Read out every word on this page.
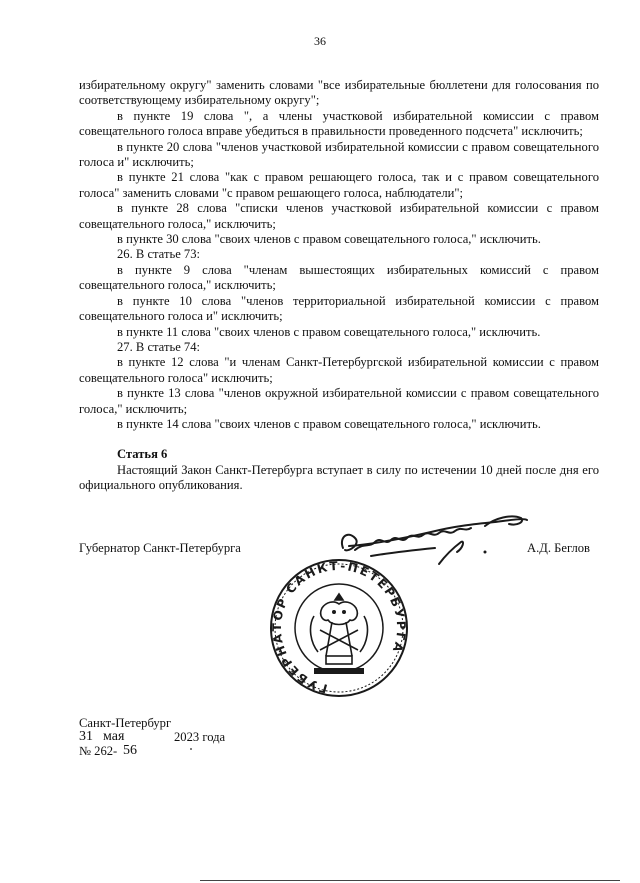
36

избирательному округу" заменить словами "все избирательные бюллетени для голосования по соответствующему избирательному округу";

в пункте 19 слова ", а члены участковой избирательной комиссии с правом совещательного голоса вправе убедиться в правильности проведенного подсчета" исключить;

в пункте 20 слова "членов участковой избирательной комиссии с правом совещательного голоса и" исключить;

в пункте 21 слова "как с правом решающего голоса, так и с правом совещательного голоса" заменить словами "с правом решающего голоса, наблюдатели";

в пункте 28 слова "списки членов участковой избирательной комиссии с правом совещательного голоса," исключить;

в пункте 30 слова "своих членов с правом совещательного голоса," исключить.

26. В статье 73:

в пункте 9 слова "членам вышестоящих избирательных комиссий с правом совещательного голоса," исключить;

в пункте 10 слова "членов территориальной избирательной комиссии с правом совещательного голоса и" исключить;

в пункте 11 слова "своих членов с правом совещательного голоса," исключить.

27. В статье 74:

в пункте 12 слова "и членам Санкт-Петербургской избирательной комиссии с правом совещательного голоса" исключить;

в пункте 13 слова "членов окружной избирательной комиссии с правом совещательного голоса," исключить;

в пункте 14 слова "своих членов с правом совещательного голоса," исключить.

Статья 6

Настоящий Закон Санкт-Петербурга вступает в силу по истечении 10 дней после дня его официального опубликования.

Губернатор Санкт-Петербурга	А.Д. Беглов
ГУБЕРНАТОР САНКТ-ПЕТЕРБУРГА
Санкт-Петербург
31 мая	2023 года
№ 262- 56
